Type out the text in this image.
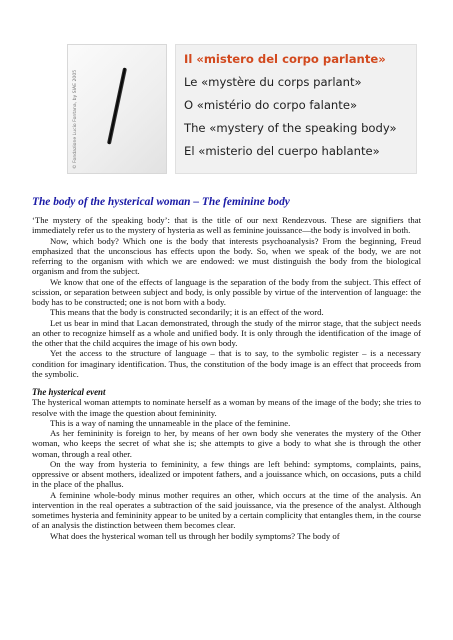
© Fondazione Lucio Fontana, by SIAE 2005
Il «mistero del corpo parlante»
Le «mystère du corps parlant»
O «mistério do corpo falante»
The «mystery of the speaking body»
El «misterio del cuerpo hablante»
The body of the hysterical woman – The feminine body

‘The mystery of the speaking body’: that is the title of our next Rendezvous. These are signifiers that immediately refer us to the mystery of hysteria as well as feminine jouissance—the body is involved in both.

Now, which body? Which one is the body that interests psychoanalysis? From the beginning, Freud emphasized that the unconscious has effects upon the body. So, when we speak of the body, we are not referring to the organism with which we are endowed: we must distinguish the body from the biological organism and from the subject.

We know that one of the effects of language is the separation of the body from the subject. This effect of scission, or separation between subject and body, is only possible by virtue of the intervention of language: the body has to be constructed; one is not born with a body.

This means that the body is constructed secondarily; it is an effect of the word.

Let us bear in mind that Lacan demonstrated, through the study of the mirror stage, that the subject needs an other to recognize himself as a whole and unified body. It is only through the identification of the image of the other that the child acquires the image of his own body.

Yet the access to the structure of language – that is to say, to the symbolic register – is a necessary condition for imaginary identification. Thus, the constitution of the body image is an effect that proceeds from the symbolic.

The hysterical event

The hysterical woman attempts to nominate herself as a woman by means of the image of the body; she tries to resolve with the image the question about femininity.

This is a way of naming the unnameable in the place of the feminine.

As her femininity is foreign to her, by means of her own body she venerates the mystery of the Other woman, who keeps the secret of what she is; she attempts to give a body to what she is through the other woman, through a real other.

On the way from hysteria to femininity, a few things are left behind: symptoms, complaints, pains, oppressive or absent mothers, idealized or impotent fathers, and a jouissance which, on occasions, puts a child in the place of the phallus.

A feminine whole-body minus mother requires an other, which occurs at the time of the analysis. An intervention in the real operates a subtraction of the said jouissance, via the presence of the analyst. Although sometimes hysteria and femininity appear to be united by a certain complicity that entangles them, in the course of an analysis the distinction between them becomes clear.

What does the hysterical woman tell us through her bodily symptoms? The body of
